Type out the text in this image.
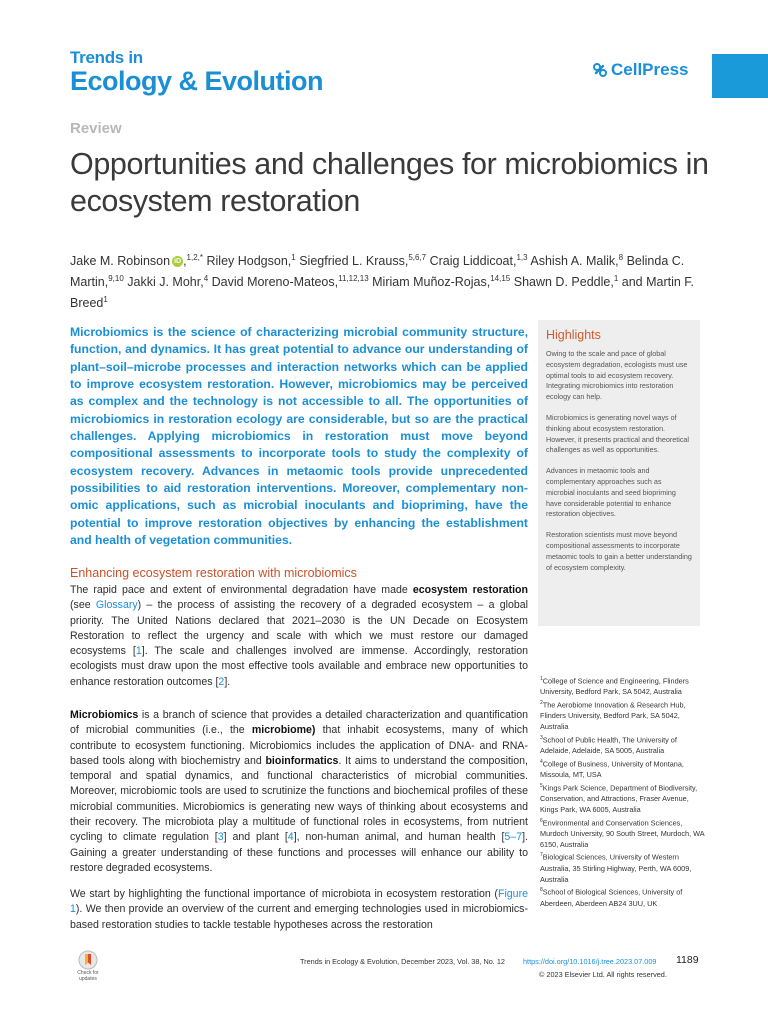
Trends in
Ecology & Evolution	CellPress
Review
Opportunities and challenges for microbiomics in ecosystem restoration
Jake M. Robinson iD ,$^{1,2,*}$ Riley Hodgson,$^1$ Siegfried L. Krauss,$^{5,6,7}$ Craig Liddicoat,$^{1,3}$ Ashish A. Malik,$^8$ Belinda C. Martin,$^{9,10}$ Jakki J. Mohr,$^4$ David Moreno-Mateos,$^{11,12,13}$ Miriam Muñoz-Rojas,$^{14,15}$ Shawn D. Peddle,$^1$ and Martin F. Breed$^1$

Microbiomics is the science of characterizing microbial community structure, function, and dynamics. It has great potential to advance our understanding of plant–soil–microbe processes and interaction networks which can be applied to improve ecosystem restoration. However, microbiomics may be perceived as complex and the technology is not accessible to all. The opportunities of microbiomics in restoration ecology are considerable, but so are the practical challenges. Applying microbiomics in restoration must move beyond compositional assessments to incorporate tools to study the complexity of ecosystem recovery. Advances in metaomic tools provide unprecedented possibilities to aid restoration interventions. Moreover, complementary non-omic applications, such as microbial inoculants and biopriming, have the potential to improve restoration objectives by enhancing the establishment and health of vegetation communities.

Highlights

Owing to the scale and pace of global ecosystem degradation, ecologists must use optimal tools to aid ecosystem recovery. Integrating microbiomics into restoration ecology can help.

Microbiomics is generating novel ways of thinking about ecosystem restoration. However, it presents practical and theoretical challenges as well as opportunities.

Advances in metaomic tools and complementary approaches such as microbial inoculants and seed biopriming have considerable potential to enhance restoration objectives.

Restoration scientists must move beyond compositional assessments to incorporate metaomic tools to gain a better understanding of ecosystem complexity.

Enhancing ecosystem restoration with microbiomics

The rapid pace and extent of environmental degradation have made ecosystem restoration (see Glossary) – the process of assisting the recovery of a degraded ecosystem – a global priority. The United Nations declared that 2021–2030 is the UN Decade on Ecosystem Restoration to reflect the urgency and scale with which we must restore our damaged ecosystems [1]. The scale and challenges involved are immense. Accordingly, restoration ecologists must draw upon the most effective tools available and embrace new opportunities to enhance restoration outcomes [2].

Microbiomics is a branch of science that provides a detailed characterization and quantification of microbial communities (i.e., the microbiome) that inhabit ecosystems, many of which contribute to ecosystem functioning. Microbiomics includes the application of DNA- and RNA-based tools along with biochemistry and bioinformatics. It aims to understand the composition, temporal and spatial dynamics, and functional characteristics of microbial communities. Moreover, microbiomic tools are used to scrutinize the functions and biochemical profiles of these microbial communities. Microbiomics is generating new ways of thinking about ecosystems and their recovery. The microbiota play a multitude of functional roles in ecosystems, from nutrient cycling to climate regulation [3] and plant [4], non-human animal, and human health [5–7]. Gaining a greater understanding of these functions and processes will enhance our ability to restore degraded ecosystems.

We start by highlighting the functional importance of microbiota in ecosystem restoration (Figure 1). We then provide an overview of the current and emerging technologies used in microbiomics-based restoration studies to tackle testable hypotheses across the restoration

$^1$College of Science and Engineering, Flinders University, Bedford Park, SA 5042, Australia
$^2$The Aerobiome Innovation & Research Hub, Flinders University, Bedford Park, SA 5042, Australia
$^3$School of Public Health, The University of Adelaide, Adelaide, SA 5005, Australia
$^4$College of Business, University of Montana, Missoula, MT, USA
$^5$Kings Park Science, Department of Biodiversity, Conservation, and Attractions, Fraser Avenue, Kings Park, WA 6005, Australia
$^6$Environmental and Conservation Sciences, Murdoch University, 90 South Street, Murdoch, WA 6150, Australia
$^7$Biological Sciences, University of Western Australia, 35 Stirling Highway, Perth, WA 6009, Australia
$^8$School of Biological Sciences, University of Aberdeen, Aberdeen AB24 3UU, UK
Check for updates
Trends in Ecology & Evolution, December 2023, Vol. 38, No. 12 https://doi.org/10.1016/j.tree.2023.07.009
© 2023 Elsevier Ltd. All rights reserved.
1189
